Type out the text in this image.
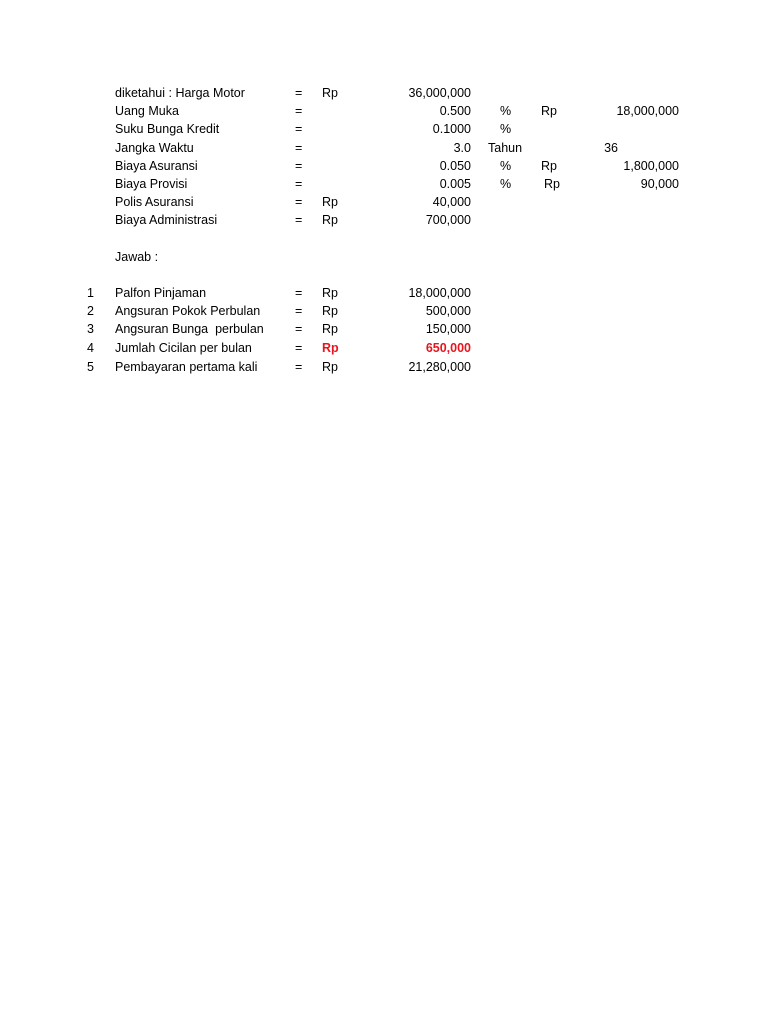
diketahui : Harga Motor	= Rp	36,000,000
Uang Muka	=	0.500 % Rp	18,000,000
Suku Bunga Kredit	=	0.1000 %
Jangka Waktu	=	3.0 Tahun	36
Biaya Asuransi	=	0.050 % Rp	1,800,000
Biaya Provisi	=	0.005 %	Rp	90,000
Polis Asuransi	= Rp	40,000
Biaya Administrasi	= Rp	700,000
Jawab :
1 Palfon Pinjaman	= Rp	18,000,000
2 Angsuran Pokok Perbulan	= Rp	500,000
3 Angsuran Bunga  perbulan	= Rp	150,000
4 Jumlah Cicilan per bulan	= Rp	650,000
5 Pembayaran pertama kali	= Rp	21,280,000
